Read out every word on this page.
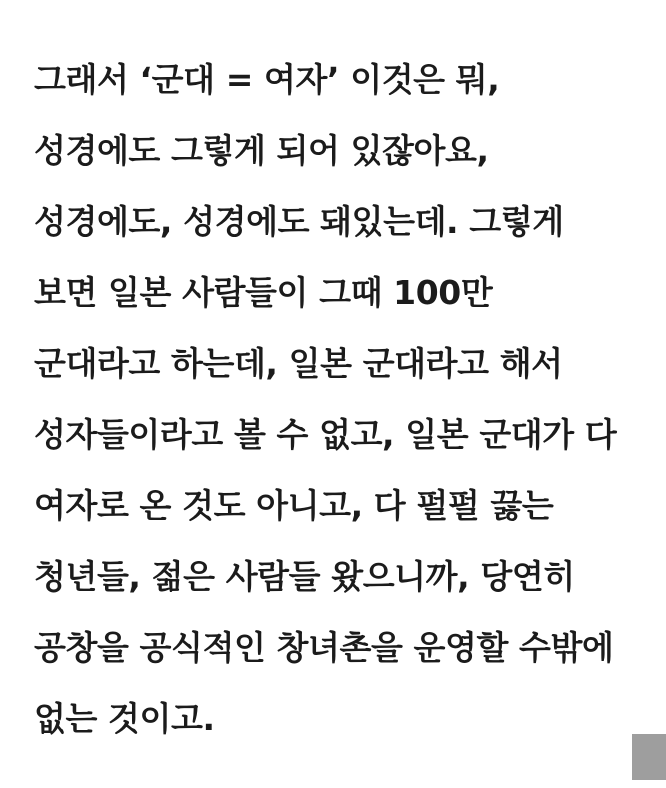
그래서 ‘군대 = 여자’ 이것은 뭐, 성경에도 그렇게 되어 있잖아요, 성경에도, 성경에도 돼있는데. 그렇게 보면 일본 사람들이 그때 100만 군대라고 하는데, 일본 군대라고 해서 성자들이라고 볼 수 없고, 일본 군대가 다 여자로 온 것도 아니고, 다 펄펄 끓는 청년들, 젊은 사람들 왔으니까, 당연히 공창을 공식적인 창녀촌을 운영할 수밖에 없는 것이고.
